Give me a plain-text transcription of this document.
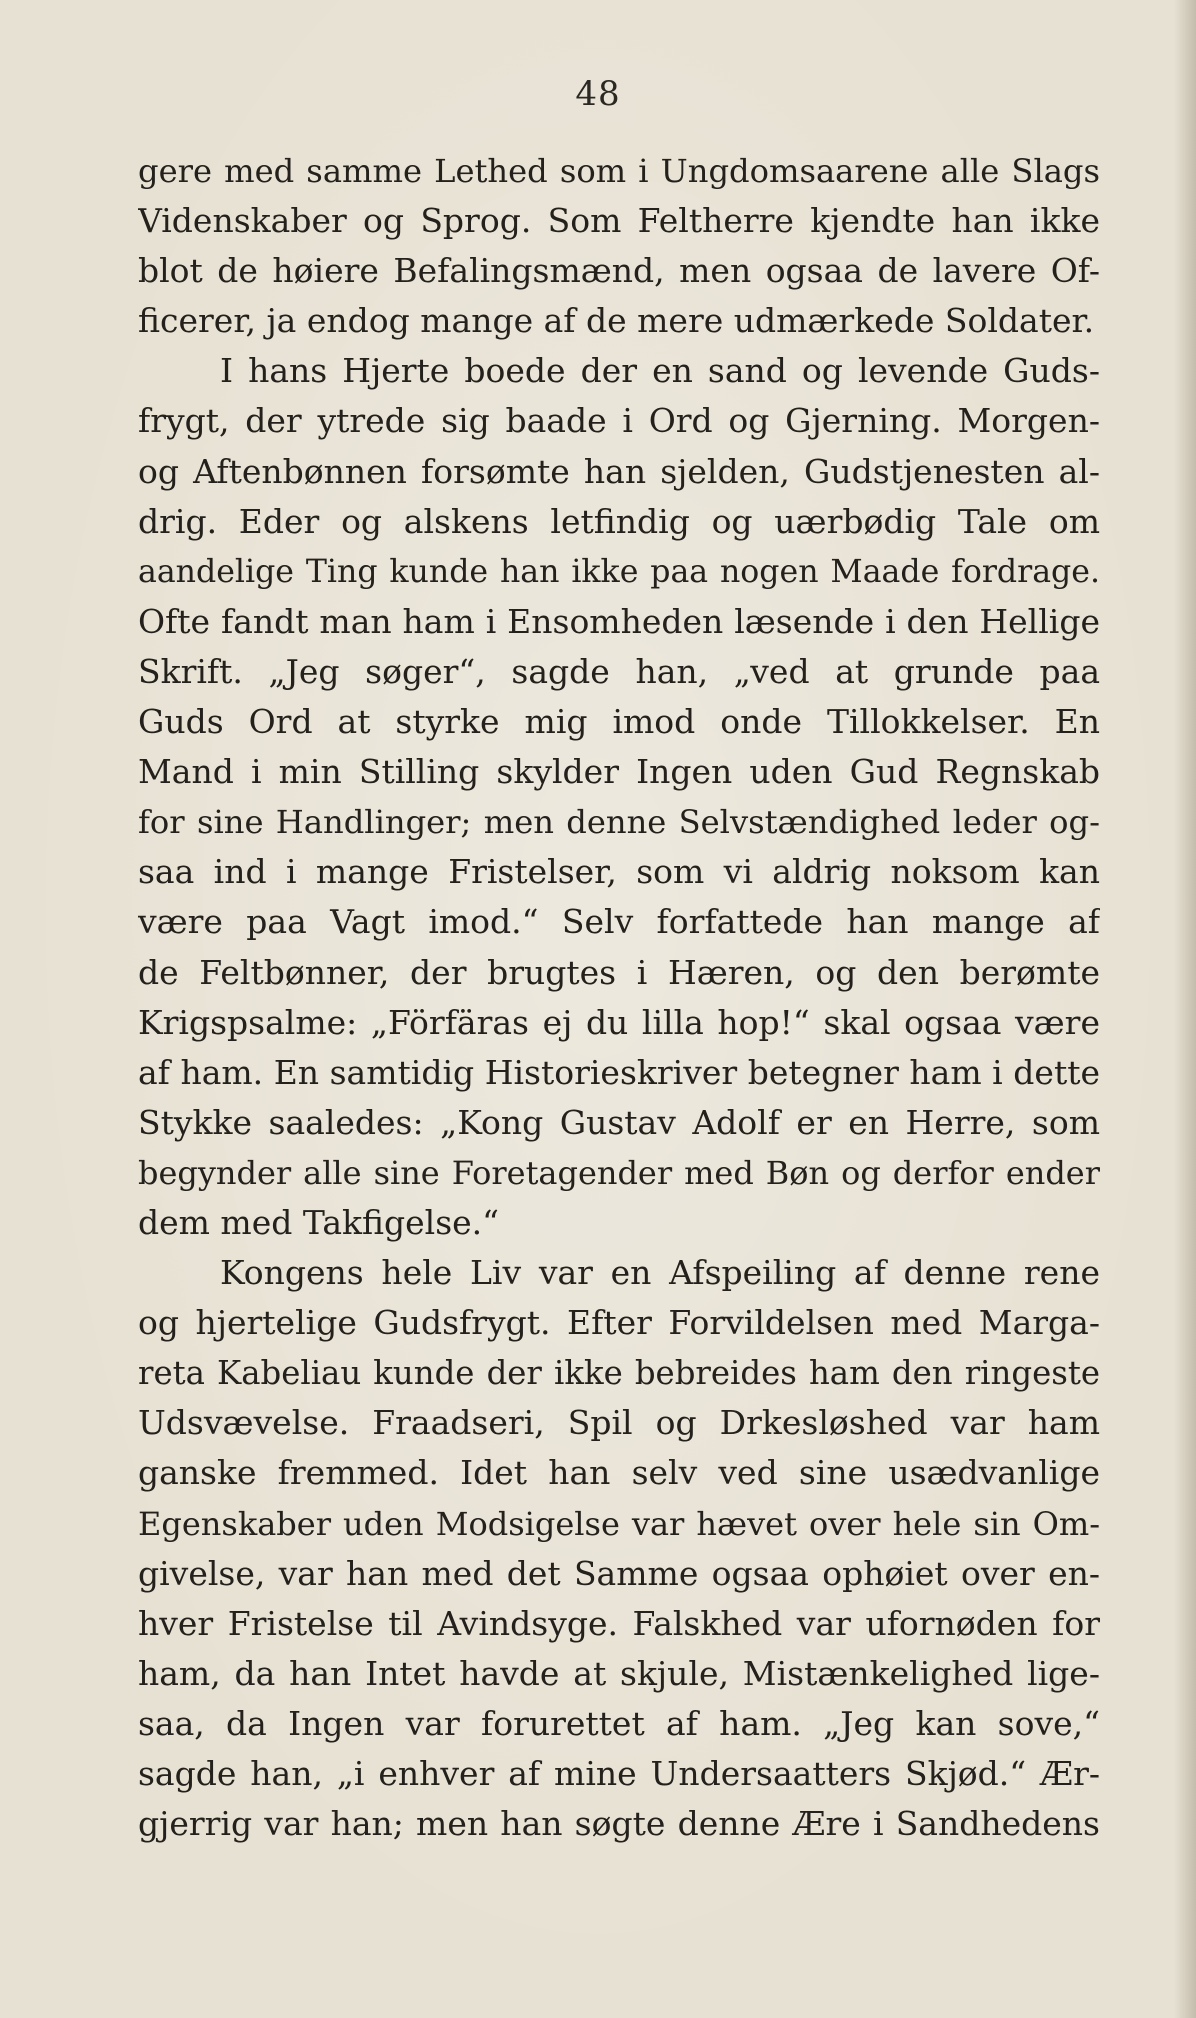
48
gere med samme Lethed som i Ungdomsaarene alle Slags
Videnskaber og Sprog. Som Feltherre kjendte han ikke
blot de høiere Befalingsmænd, men ogsaa de lavere Of-
ficerer, ja endog mange af de mere udmærkede Soldater.
I hans Hjerte boede der en sand og levende Guds-
frygt, der ytrede sig baade i Ord og Gjerning. Morgen-
og Aftenbønnen forsømte han sjelden, Gudstjenesten al-
drig. Eder og alskens letfindig og uærbødig Tale om
aandelige Ting kunde han ikke paa nogen Maade fordrage.
Ofte fandt man ham i Ensomheden læsende i den Hellige
Skrift. „Jeg søger“, sagde han, „ved at grunde paa
Guds Ord at styrke mig imod onde Tillokkelser. En
Mand i min Stilling skylder Ingen uden Gud Regnskab
for sine Handlinger; men denne Selvstændighed leder og-
saa ind i mange Fristelser, som vi aldrig noksom kan
være paa Vagt imod.“ Selv forfattede han mange af
de Feltbønner, der brugtes i Hæren, og den berømte
Krigspsalme: „Förfäras ej du lilla hop!“ skal ogsaa være
af ham. En samtidig Historieskriver betegner ham i dette
Stykke saaledes: „Kong Gustav Adolf er en Herre, som
begynder alle sine Foretagender med Bøn og derfor ender
dem med Takfigelse.“
Kongens hele Liv var en Afspeiling af denne rene
og hjertelige Gudsfrygt. Efter Forvildelsen med Marga-
reta Kabeliau kunde der ikke bebreides ham den ringeste
Udsvævelse. Fraadseri, Spil og Drkesløshed var ham
ganske fremmed. Idet han selv ved sine usædvanlige
Egenskaber uden Modsigelse var hævet over hele sin Om-
givelse, var han med det Samme ogsaa ophøiet over en-
hver Fristelse til Avindsyge. Falskhed var ufornøden for
ham, da han Intet havde at skjule, Mistænkelighed lige-
saa, da Ingen var forurettet af ham. „Jeg kan sove,“
sagde han, „i enhver af mine Undersaatters Skjød.“ Ær-
gjerrig var han; men han søgte denne Ære i Sandhedens
